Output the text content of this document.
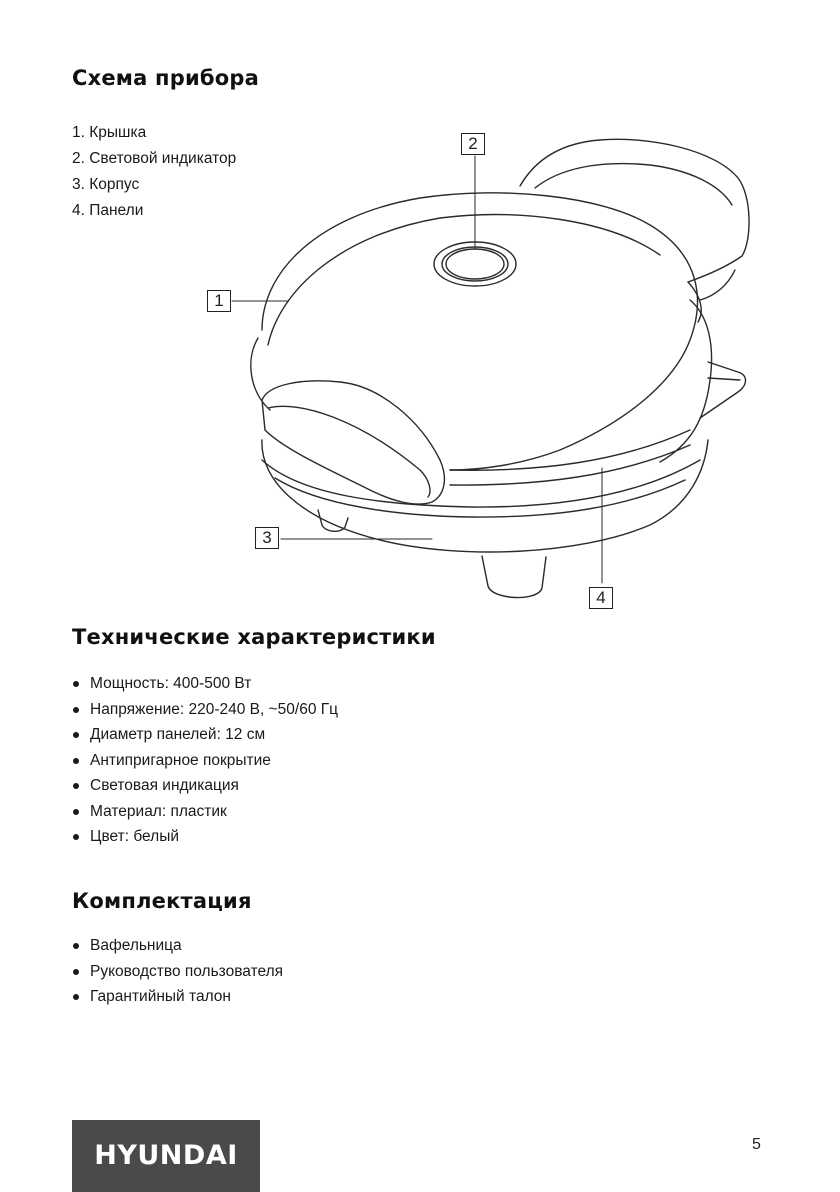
Схема прибора
1. Крышка
2. Световой индикатор
3. Корпус
4. Панели
1
2
3
4
Технические характеристики
Мощность: 400-500 Вт
Напряжение: 220-240 В, ~50/60 Гц
Диаметр панелей: 12 см
Антипригарное покрытие
Световая индикация
Материал: пластик
Цвет: белый
Комплектация
Вафельница
Руководство пользователя
Гарантийный талон
HYUNDAI	5
